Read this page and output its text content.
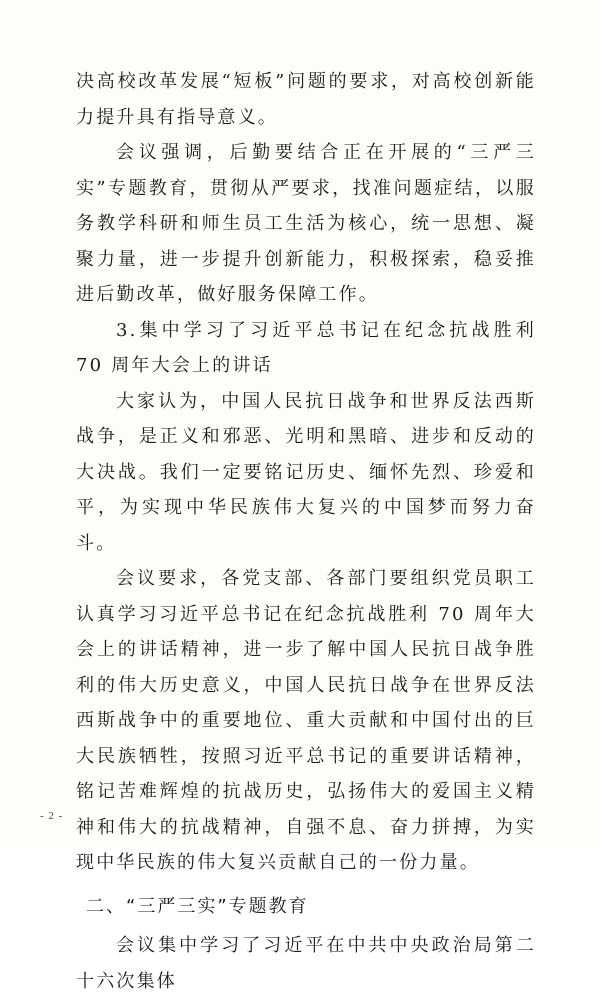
决高校改革发展“短板”问题的要求，对高校创新能力提升具有指导意义。

会议强调，后勤要结合正在开展的“三严三实”专题教育，贯彻从严要求，找准问题症结，以服务教学科研和师生员工生活为核心，统一思想、凝聚力量，进一步提升创新能力，积极探索，稳妥推进后勤改革，做好服务保障工作。

3.集中学习了习近平总书记在纪念抗战胜利 70 周年大会上的讲话

大家认为，中国人民抗日战争和世界反法西斯战争，是正义和邪恶、光明和黑暗、进步和反动的大决战。我们一定要铭记历史、缅怀先烈、珍爱和平，为实现中华民族伟大复兴的中国梦而努力奋斗。

会议要求，各党支部、各部门要组织党员职工认真学习习近平总书记在纪念抗战胜利 70 周年大会上的讲话精神，进一步了解中国人民抗日战争胜利的伟大历史意义，中国人民抗日战争在世界反法西斯战争中的重要地位、重大贡献和中国付出的巨大民族牺牲，按照习近平总书记的重要讲话精神，铭记苦难辉煌的抗战历史，弘扬伟大的爱国主义精神和伟大的抗战精神，自强不息、奋力拼搏，为实现中华民族的伟大复兴贡献自己的一份力量。

二、“三严三实”专题教育

会议集中学习了习近平在中共中央政治局第二十六次集体

- 2 -
